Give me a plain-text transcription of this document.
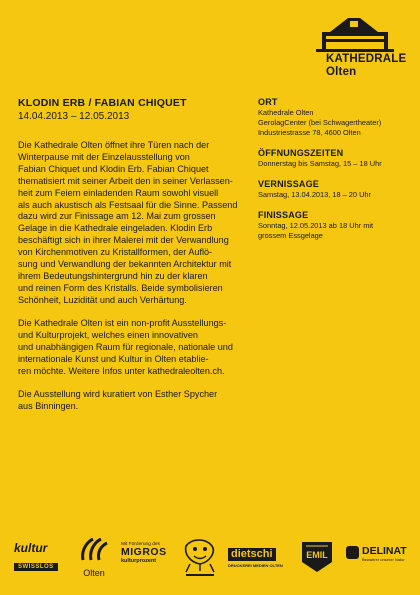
KATHEDRALE
Olten
KLODIN ERB / FABIAN CHIQUET
14.04.2013 – 12.05.2013

Die Kathedrale Olten öffnet ihre Türen nach der
Winterpause mit der Einzelausstellung von
Fabian Chiquet und Klodin Erb. Fabian Chiquet
thematisiert mit seiner Arbeit den in seiner Verlassen-
heit zum Feiern einladenden Raum sowohl visuell
als auch akustisch als Festsaal für die Sinne. Passend
dazu wird zur Finissage am 12. Mai zum grossen
Gelage in die Kathedrale eingeladen. Klodin Erb
beschäftigt sich in ihrer Malerei mit der Verwandlung
von Kirchenmotiven zu Kristallformen, der Auflö-
sung und Verwandlung der bekannten Architektur mit
ihrem Bedeutungshintergrund hin zu der klaren
und reinen Form des Kristalls. Beide symbolisieren
Schönheit, Luzidität und auch Verhärtung.

Die Kathedrale Olten ist ein non-profit Ausstellungs-
und Kulturprojekt, welches einen innovativen
und unabhängigen Raum für regionale, nationale und
internationale Kunst und Kultur in Olten etablie-
ren möchte. Weitere Infos unter kathedraleolten.ch.

Die Ausstellung wird kuratiert von Esther Spycher
aus Binningen.

ORT
Kathedrale Olten
GerolagCenter (bei Schwagertheater)
Industriestrasse 78, 4600 Olten
ÖFFNUNGSZEITEN
Donnerstag bis Samstag, 15 – 18 Uhr
VERNISSAGE
Samstag, 13.04.2013, 18 – 20 Uhr
FINISSAGE
Sonntag, 12.05.2013 ab 18 Uhr mit
grossem Essgelage
kultur
SWISSLOS
Olten
Mit Förderung des
MIGROS
kulturprozent
dietschi
DRUCKEREI MEDIEN OLTEN
EMIL	DELINAT
Bewahrer unserer Natur
